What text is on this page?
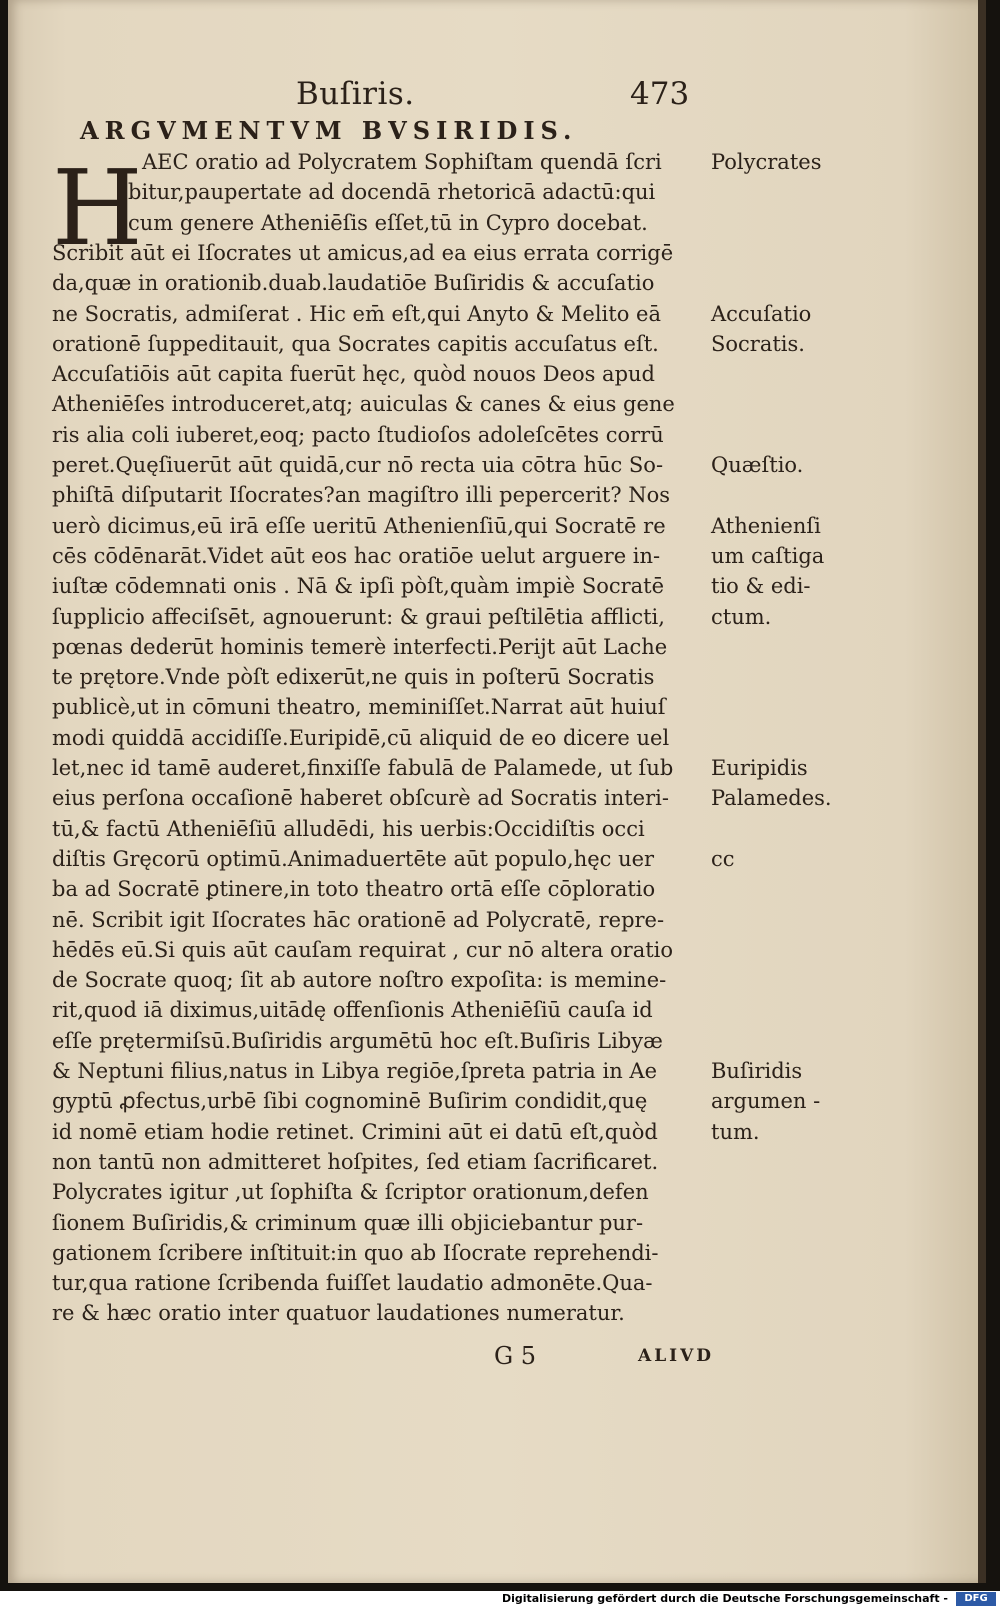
Buſiris.	473
ARGVMENTVM BVSIRIDIS.
H AEC oratio ad Polycratem Sophiſtam quendā ſcri
bitur,paupertate ad docendā rhetoricā adactū:qui
cum genere Atheniēſis eſſet,tū in Cypro docebat.
Scribit aūt ei Iſocrates ut amicus,ad ea eius errata corrigē
da,quæ in orationib.duab.laudatiōe Buſiridis & accuſatio
ne Socratis, admiſerat . Hic em̄ eſt,qui Anyto & Melito eā
orationē ſuppeditauit, qua Socrates capitis accuſatus eſt.
Accuſatiōis aūt capita fuerūt hęc, quòd nouos Deos apud
Atheniēſes introduceret,atq; auiculas & canes & eius gene
ris alia coli iuberet,eoq; pacto ſtudioſos adoleſcētes corrū
peret.Quęſiuerūt aūt quidā,cur nō recta uia cōtra hūc So-
phiſtā diſputarit Iſocrates?an magiſtro illi pepercerit? Nos
uerò dicimus,eū irā eſſe ueritū Athenienſiū,qui Socratē re
cēs cōdēnarāt.Videt aūt eos hac oratiōe uelut arguere in-
iuſtæ cōdemnati onis . Nā & ipſi pòſt,quàm impiè Socratē
ſupplicio affeciſsēt, agnouerunt: & graui peſtilētia afflicti,
pœnas dederūt hominis temerè interfecti.Perijt aūt Lache
te prętore.Vnde pòſt edixerūt,ne quis in poſterū Socratis
publicè,ut in cōmuni theatro, meminiſſet.Narrat aūt huiuſ
modi quiddā accidiſſe.Euripidē,cū aliquid de eo dicere uel
let,nec id tamē auderet,finxiſſe fabulā de Palamede, ut ſub
eius perſona occaſionē haberet obſcurè ad Socratis interi-
tū,& factū Atheniēſiū alludēdi, his uerbis:Occidiſtis occi
diſtis Gręcorū optimū.Animaduertēte aūt populo,hęc uer
ba ad Socratē ꝑtinere,in toto theatro ortā eſſe cōploratio
nē. Scribit igit Iſocrates hāc orationē ad Polycratē, repre-
hēdēs eū.Si quis aūt cauſam requirat , cur nō altera oratio
de Socrate quoq; ſit ab autore noſtro expoſita: is memine-
rit,quod iā diximus,uitādę offenſionis Atheniēſiū cauſa id
eſſe prętermiſsū.Buſiridis argumētū hoc eſt.Buſiris Libyæ
& Neptuni filius,natus in Libya regiōe,ſpreta patria in Ae
gyptū ꝓfectus,urbē ſibi cognominē Buſirim condidit,quę
id nomē etiam hodie retinet. Crimini aūt ei datū eſt,quòd
non tantū non admitteret hoſpites, ſed etiam ſacrificaret.
Polycrates igitur ,ut ſophiſta & ſcriptor orationum,defen
ſionem Buſiridis,& criminum quæ illi objiciebantur pur-
gationem ſcribere inſtituit:in quo ab Iſocrate reprehendi-
tur,qua ratione ſcribenda fuiſſet laudatio admonēte.Qua-
re & hæc oratio inter quatuor laudationes numeratur.
Polycrates
Accuſatio
Socratis.
Quæſtio.
Athenienſi
um caſtiga
tio & edi-
ctum.
Euripidis
Palamedes.
cc
Buſiridis
argumen -
tum.
G 5	ALIVD
Digitalisierung gefördert durch die Deutsche Forschungsgemeinschaft -	DFG
